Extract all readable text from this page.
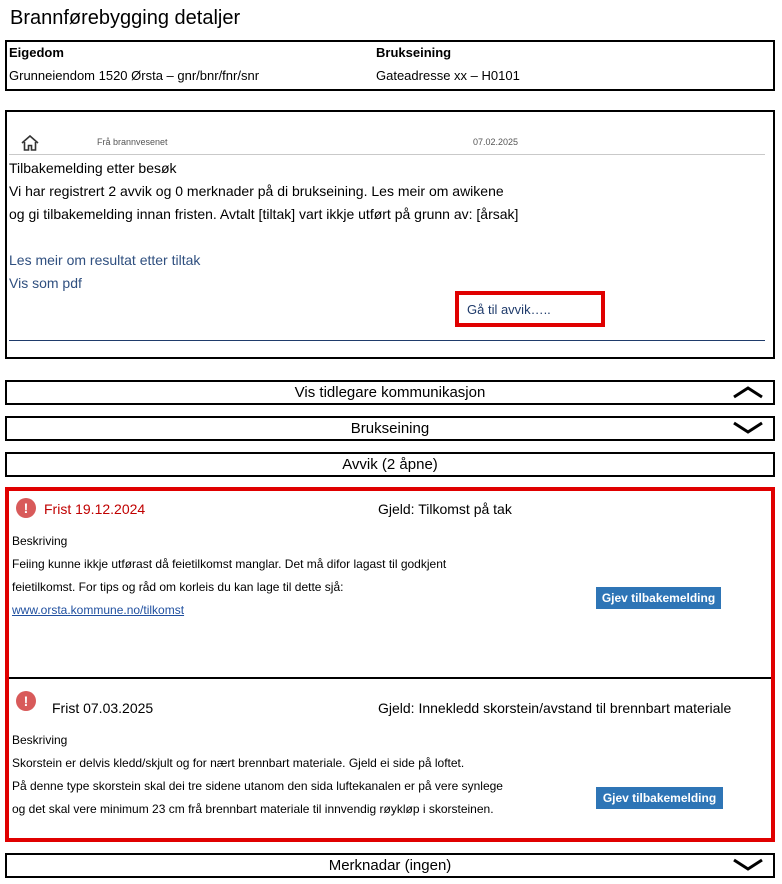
Brannførebygging detaljer
Eigedom
Grunneiendom 1520 Ørsta – gnr/bnr/fnr/snr
Brukseining
Gateadresse xx – H0101
Frå brannvesenet	07.02.2025
Tilbakemelding etter besøk
Vi har registrert 2 avvik og 0 merknader på di brukseining. Les meir om awikene
og gi tilbakemelding innan fristen. Avtalt [tiltak] vart ikkje utført på grunn av: [årsak]
Les meir om resultat etter tiltak
Vis som pdf
Gå til avvik…..
Vis tidlegare kommunikasjon
Brukseining
Avvik (2 åpne)
!	Frist 19.12.2024	Gjeld: Tilkomst på tak
Beskriving
Feiing kunne ikkje utførast då feietilkomst manglar. Det må difor lagast til godkjent
feietilkomst. For tips og råd om korleis du kan lage til dette sjå:
www.orsta.kommune.no/tilkomst
Gjev tilbakemelding
!	Frist 07.03.2025	Gjeld: Innekledd skorstein/avstand til brennbart materiale
Beskriving
Skorstein er delvis kledd/skjult og for nært brennbart materiale. Gjeld ei side på loftet.
På denne type skorstein skal dei tre sidene utanom den sida luftekanalen er på vere synlege
og det skal vere minimum 23 cm frå brennbart materiale til innvendig røykløp i skorsteinen.
Gjev tilbakemelding
Merknadar (ingen)
